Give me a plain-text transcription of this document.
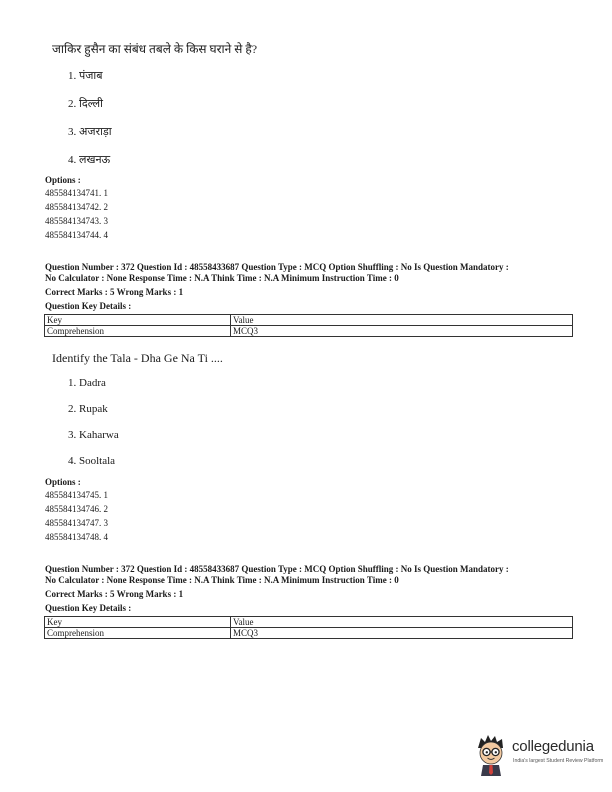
जाकिर हुसैन का संबंध तबले के किस घराने से है?
1. पंजाब
2. दिल्ली
3. अजराड़ा
4. लखनऊ
Options :
485584134741. 1
485584134742. 2
485584134743. 3
485584134744. 4
Question Number : 372 Question Id : 48558433687 Question Type : MCQ Option Shuffling : No Is Question Mandatory :
No Calculator : None Response Time : N.A Think Time : N.A Minimum Instruction Time : 0
Correct Marks : 5 Wrong Marks : 1
Question Key Details :
Key	Value
Comprehension	MCQ3
Identify the Tala - Dha Ge Na Ti ....
1. Dadra
2. Rupak
3. Kaharwa
4. Sooltala
Options :
485584134745. 1
485584134746. 2
485584134747. 3
485584134748. 4
Question Number : 372 Question Id : 48558433687 Question Type : MCQ Option Shuffling : No Is Question Mandatory :
No Calculator : None Response Time : N.A Think Time : N.A Minimum Instruction Time : 0
Correct Marks : 5 Wrong Marks : 1
Question Key Details :
Key	Value
Comprehension	MCQ3
collegedunia
India's largest Student Review Platform
